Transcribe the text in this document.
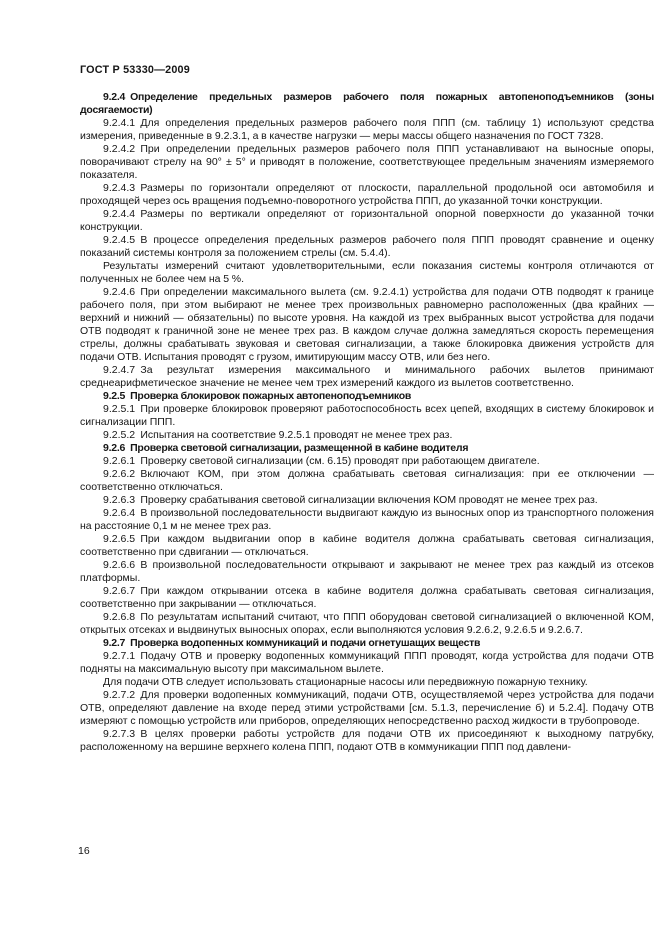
ГОСТ Р 53330—2009

9.2.4 Определение предельных размеров рабочего поля пожарных автопеноподъемников (зоны досягаемости)

9.2.4.1 Для определения предельных размеров рабочего поля ППП (см. таблицу 1) используют средства измерения, приведенные в 9.2.3.1, а в качестве нагрузки — меры массы общего назначения по ГОСТ 7328.

9.2.4.2 При определении предельных размеров рабочего поля ППП устанавливают на выносные опоры, поворачивают стрелу на 90° ± 5° и приводят в положение, соответствующее предельным значениям измеряемого показателя.

9.2.4.3 Размеры по горизонтали определяют от плоскости, параллельной продольной оси автомобиля и проходящей через ось вращения подъемно-поворотного устройства ППП, до указанной точки конструкции.

9.2.4.4 Размеры по вертикали определяют от горизонтальной опорной поверхности до указанной точки конструкции.

9.2.4.5 В процессе определения предельных размеров рабочего поля ППП проводят сравнение и оценку показаний системы контроля за положением стрелы (см. 5.4.4).

Результаты измерений считают удовлетворительными, если показания системы контроля отличаются от полученных не более чем на 5 %.

9.2.4.6 При определении максимального вылета (см. 9.2.4.1) устройства для подачи ОТВ подводят к границе рабочего поля, при этом выбирают не менее трех произвольных равномерно расположенных (два крайних — верхний и нижний — обязательны) по высоте уровня. На каждой из трех выбранных высот устройства для подачи ОТВ подводят к граничной зоне не менее трех раз. В каждом случае должна замедляться скорость перемещения стрелы, должны срабатывать звуковая и световая сигнализации, а также блокировка движения устройств для подачи ОТВ. Испытания проводят с грузом, имитирующим массу ОТВ, или без него.

9.2.4.7 За результат измерения максимального и минимального рабочих вылетов принимают среднеарифметическое значение не менее чем трех измерений каждого из вылетов соответственно.

9.2.5 Проверка блокировок пожарных автопеноподъемников

9.2.5.1 При проверке блокировок проверяют работоспособность всех цепей, входящих в систему блокировок и сигнализации ППП.

9.2.5.2 Испытания на соответствие 9.2.5.1 проводят не менее трех раз.

9.2.6 Проверка световой сигнализации, размещенной в кабине водителя

9.2.6.1 Проверку световой сигнализации (см. 6.15) проводят при работающем двигателе.

9.2.6.2 Включают КОМ, при этом должна срабатывать световая сигнализация: при ее отключении — соответственно отключаться.

9.2.6.3 Проверку срабатывания световой сигнализации включения КОМ проводят не менее трех раз.

9.2.6.4 В произвольной последовательности выдвигают каждую из выносных опор из транспортного положения на расстояние 0,1 м не менее трех раз.

9.2.6.5 При каждом выдвигании опор в кабине водителя должна срабатывать световая сигнализация, соответственно при сдвигании — отключаться.

9.2.6.6 В произвольной последовательности открывают и закрывают не менее трех раз каждый из отсеков платформы.

9.2.6.7 При каждом открывании отсека в кабине водителя должна срабатывать световая сигнализация, соответственно при закрывании — отключаться.

9.2.6.8 По результатам испытаний считают, что ППП оборудован световой сигнализацией о включенной КОМ, открытых отсеках и выдвинутых выносных опорах, если выполняются условия 9.2.6.2, 9.2.6.5 и 9.2.6.7.

9.2.7 Проверка водопенных коммуникаций и подачи огнетушащих веществ

9.2.7.1 Подачу ОТВ и проверку водопенных коммуникаций ППП проводят, когда устройства для подачи ОТВ подняты на максимальную высоту при максимальном вылете.

Для подачи ОТВ следует использовать стационарные насосы или передвижную пожарную технику.

9.2.7.2 Для проверки водопенных коммуникаций, подачи ОТВ, осуществляемой через устройства для подачи ОТВ, определяют давление на входе перед этими устройствами [см. 5.1.3, перечисление б) и 5.2.4]. Подачу ОТВ измеряют с помощью устройств или приборов, определяющих непосредственно расход жидкости в трубопроводе.

9.2.7.3 В целях проверки работы устройств для подачи ОТВ их присоединяют к выходному патрубку, расположенному на вершине верхнего колена ППП, подают ОТВ в коммуникации ППП под давлени-

16
